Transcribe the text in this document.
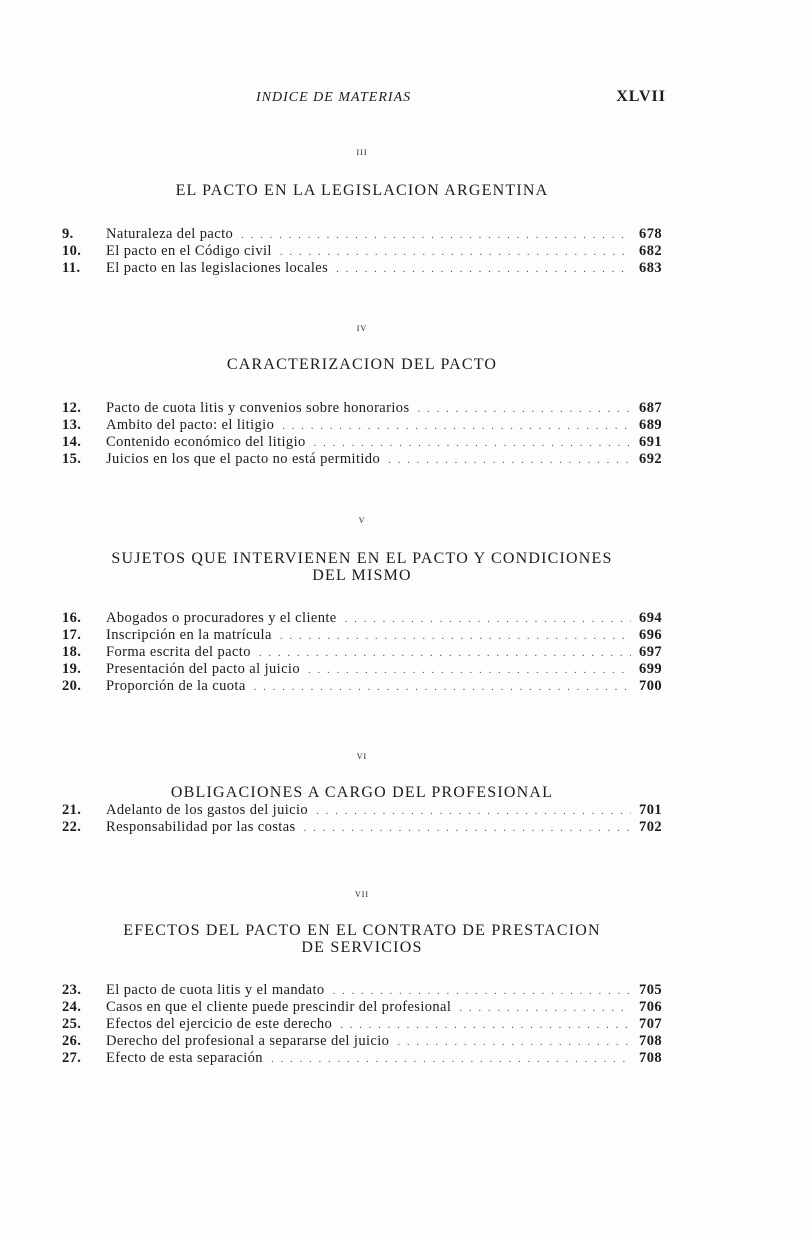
INDICE DE MATERIAS	XLVII
iii
EL PACTO EN LA LEGISLACION ARGENTINA
9.	Naturaleza del pacto . . .	678
10.	El pacto en el Código civil . . .	682
11.	El pacto en las legislaciones locales . . .	683
iv
CARACTERIZACION DEL PACTO
12.	Pacto de cuota litis y convenios sobre honorarios . . .	687
13.	Ambito del pacto: el litigio . . .	689
14.	Contenido económico del litigio . . .	691
15.	Juicios en los que el pacto no está permitido . . .	692
v
SUJETOS QUE INTERVIENEN EN EL PACTO Y CONDICIONES
DEL MISMO
16.	Abogados o procuradores y el cliente . . .	694
17.	Inscripción en la matrícula . . .	696
18.	Forma escrita del pacto . . .	697
19.	Presentación del pacto al juicio . . .	699
20.	Proporción de la cuota . . .	700
vi
OBLIGACIONES A CARGO DEL PROFESIONAL
21.	Adelanto de los gastos del juicio . . .	701
22.	Responsabilidad por las costas . . .	702
vii
EFECTOS DEL PACTO EN EL CONTRATO DE PRESTACION
DE SERVICIOS
23.	El pacto de cuota litis y el mandato . . .	705
24.	Casos en que el cliente puede prescindir del profesional . . .	706
25.	Efectos del ejercicio de este derecho . . .	707
26.	Derecho del profesional a separarse del juicio . . .	708
27.	Efecto de esta separación . . .	708
